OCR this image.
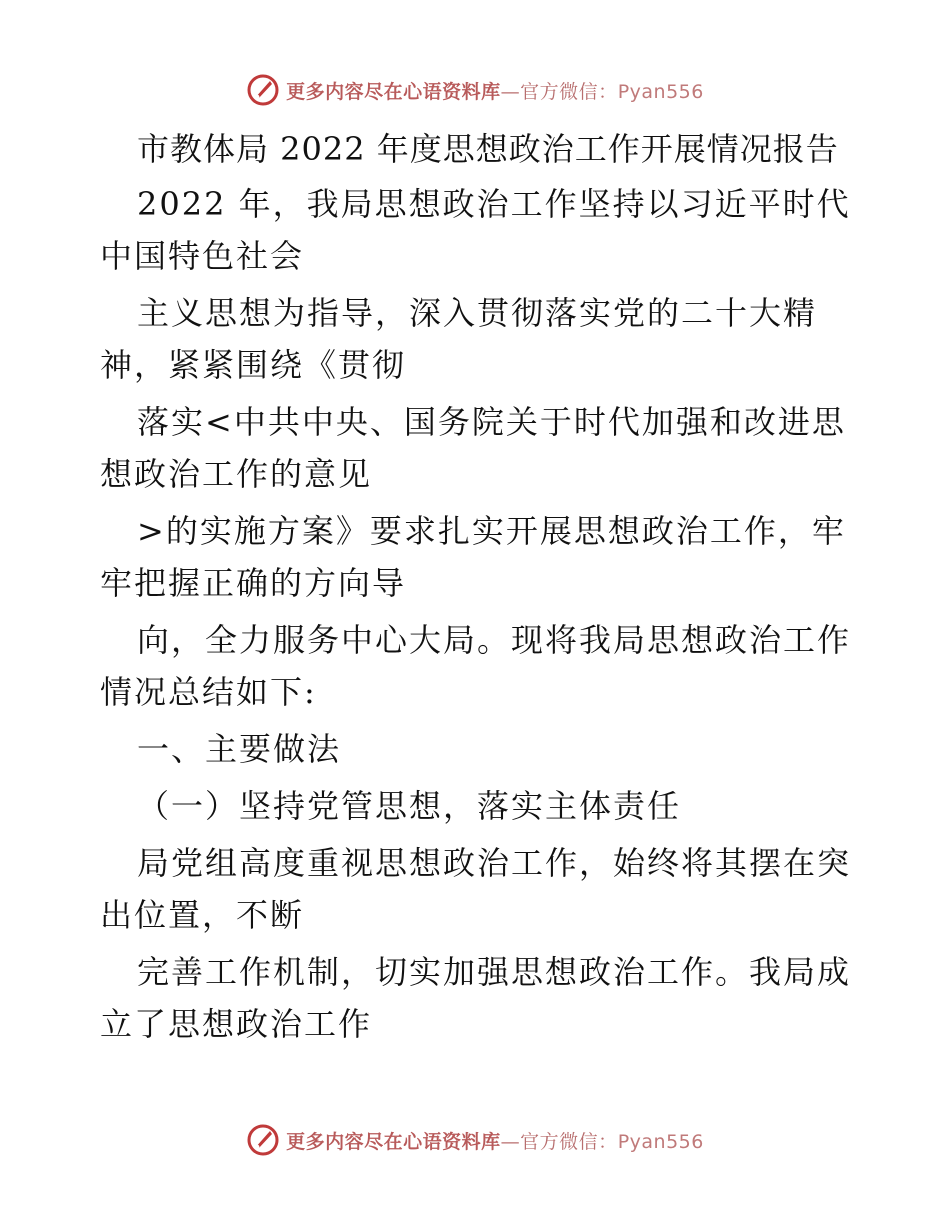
更多内容尽在心语资料库—官方微信：Pyan556

市教体局 2022 年度思想政治工作开展情况报告

2022 年，我局思想政治工作坚持以习近平时代

中国特色社会

主义思想为指导，深入贯彻落实党的二十大精

神，紧紧围绕《贯彻

落实<中共中央、国务院关于时代加强和改进思

想政治工作的意见

>的实施方案》要求扎实开展思想政治工作，牢

牢把握正确的方向导

向，全力服务中心大局。现将我局思想政治工作

情况总结如下:

一、主要做法

（一）坚持党管思想，落实主体责任

局党组高度重视思想政治工作，始终将其摆在突

出位置，不断

完善工作机制，切实加强思想政治工作。我局成

立了思想政治工作

更多内容尽在心语资料库—官方微信：Pyan556
